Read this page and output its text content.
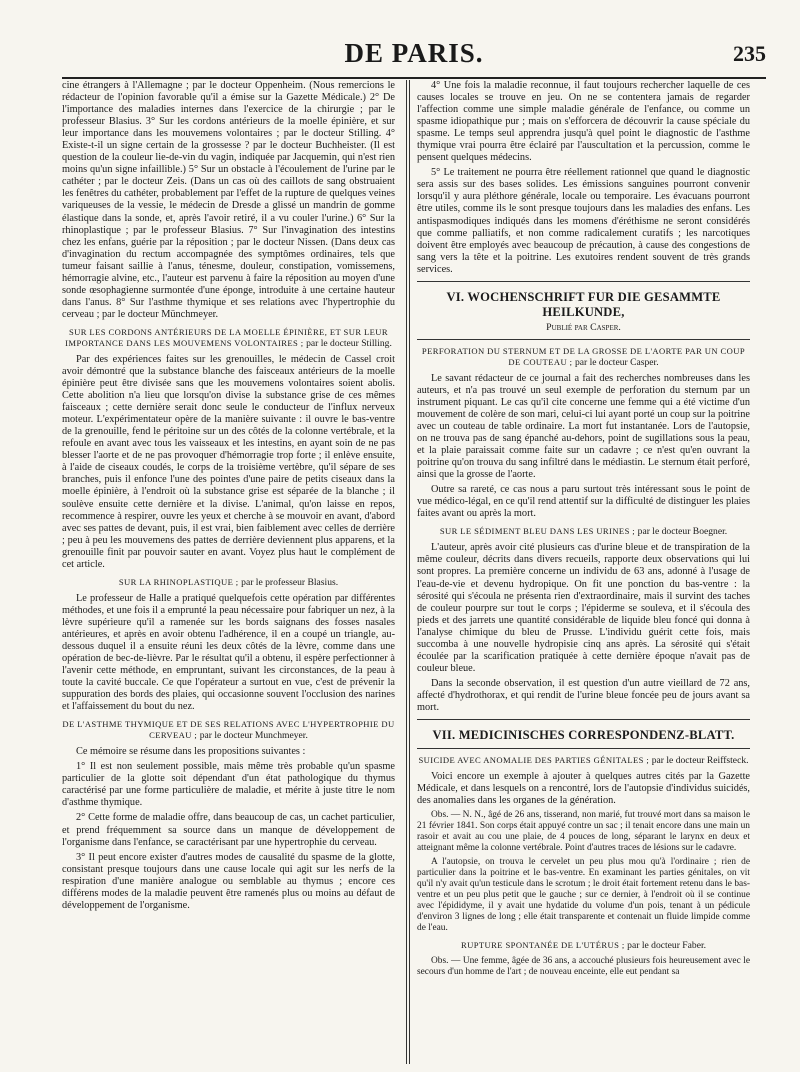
DE PARIS.	235

cine étrangers à l'Allemagne ; par le docteur Oppenheim. (Nous remercions le rédacteur de l'opinion favorable qu'il a émise sur la Gazette Médicale.) 2° De l'importance des maladies internes dans l'exercice de la chirurgie ; par le professeur Blasius. 3° Sur les cordons antérieurs de la moelle épinière, et sur leur importance dans les mouvemens volontaires ; par le docteur Stilling. 4° Existe-t-il un signe certain de la grossesse ? par le docteur Buchheister. (Il est question de la couleur lie-de-vin du vagin, indiquée par Jacquemin, qui n'est rien moins qu'un signe infaillible.) 5° Sur un obstacle à l'écoulement de l'urine par le cathéter ; par le docteur Zeis. (Dans un cas où des caillots de sang obstruaient les fenêtres du cathéter, probablement par l'effet de la rupture de quelques veines variqueuses de la vessie, le médecin de Dresde a glissé un mandrin de gomme élastique dans la sonde, et, après l'avoir retiré, il a vu couler l'urine.) 6° Sur la rhinoplastique ; par le professeur Blasius. 7° Sur l'invagination des intestins chez les enfans, guérie par la réposition ; par le docteur Nissen. (Dans deux cas d'invagination du rectum accompagnée des symptômes ordinaires, tels que tumeur faisant saillie à l'anus, ténesme, douleur, constipation, vomissemens, hémorragie alvine, etc., l'auteur est parvenu à faire la réposition au moyen d'une sonde œsophagienne surmontée d'une éponge, introduite à une certaine hauteur dans l'anus. 8° Sur l'asthme thymique et ses relations avec l'hypertrophie du cerveau ; par le docteur Münchmeyer.

SUR LES CORDONS ANTÉRIEURS DE LA MOELLE ÉPINIÈRE, ET SUR LEUR IMPORTANCE DANS LES MOUVEMENS VOLONTAIRES ; par le docteur Stilling.

Par des expériences faites sur les grenouilles, le médecin de Cassel croit avoir démontré que la substance blanche des faisceaux antérieurs de la moelle épinière peut être divisée sans que les mouvemens volontaires soient abolis. Cette abolition n'a lieu que lorsqu'on divise la substance grise de ces mêmes faisceaux ; cette dernière serait donc seule le conducteur de l'influx nerveux moteur. L'expérimentateur opère de la manière suivante : il ouvre le bas-ventre de la grenouille, fend le péritoine sur un des côtés de la colonne vertébrale, et la refoule en avant avec tous les vaisseaux et les intestins, en ayant soin de ne pas blesser l'aorte et de ne pas provoquer d'hémorragie trop forte ; il enlève ensuite, à l'aide de ciseaux coudés, le corps de la troisième vertèbre, qu'il sépare de ses branches, puis il enfonce l'une des pointes d'une paire de petits ciseaux dans la moelle épinière, à l'endroit où la substance grise est séparée de la blanche ; il soulève ensuite cette dernière et la divise. L'animal, qu'on laisse en repos, recommence à respirer, ouvre les yeux et cherche à se mouvoir en avant, d'abord avec ses pattes de devant, puis, il est vrai, bien faiblement avec celles de derrière ; peu à peu les mouvemens des pattes de derrière deviennent plus apparens, et la grenouille finit par pouvoir sauter en avant. Voyez plus haut le complément de cet article.

SUR LA RHINOPLASTIQUE ; par le professeur Blasius.

Le professeur de Halle a pratiqué quelquefois cette opération par différentes méthodes, et une fois il a emprunté la peau nécessaire pour fabriquer un nez, à la lèvre supérieure qu'il a ramenée sur les bords saignans des fosses nasales antérieures, et après en avoir obtenu l'adhérence, il en a coupé un triangle, au-dessous duquel il a ensuite réuni les deux côtés de la lèvre, comme dans une opération de bec-de-lièvre. Par le résultat qu'il a obtenu, il espère perfectionner à l'avenir cette méthode, en empruntant, suivant les circonstances, de la peau à toute la cavité buccale. Ce que l'opérateur a surtout en vue, c'est de prévenir la suppuration des bords des plaies, qui occasionne souvent l'occlusion des narines et l'affaissement du bout du nez.

DE L'ASTHME THYMIQUE ET DE SES RELATIONS AVEC L'HYPERTROPHIE DU CERVEAU ; par le docteur Munchmeyer.

Ce mémoire se résume dans les propositions suivantes :

1° Il est non seulement possible, mais même très probable qu'un spasme particulier de la glotte soit dépendant d'un état pathologique du thymus caractérisé par une forme particulière de maladie, et mérite à juste titre le nom d'asthme thymique.

2° Cette forme de maladie offre, dans beaucoup de cas, un cachet particulier, et prend fréquemment sa source dans un manque de développement de l'organisme dans l'enfance, se caractérisant par une hypertrophie du cerveau.

3° Il peut encore exister d'autres modes de causalité du spasme de la glotte, consistant presque toujours dans une cause locale qui agit sur les nerfs de la respiration d'une manière analogue ou semblable au thymus ; encore ces différens modes de la maladie peuvent être ramenés plus ou moins au défaut de développement de l'organisme.

4° Une fois la maladie reconnue, il faut toujours rechercher laquelle de ces causes locales se trouve en jeu. On ne se contentera jamais de regarder l'affection comme une simple maladie générale de l'enfance, ou comme un spasme idiopathique pur ; mais on s'efforcera de découvrir la cause spéciale du spasme. Le temps seul apprendra jusqu'à quel point le diagnostic de l'asthme thymique vrai pourra être éclairé par l'auscultation et la percussion, comme le pensent quelques médecins.

5° Le traitement ne pourra être réellement rationnel que quand le diagnostic sera assis sur des bases solides. Les émissions sanguines pourront convenir lorsqu'il y aura pléthore générale, locale ou temporaire. Les évacuans pourront être utiles, comme ils le sont presque toujours dans les maladies des enfans. Les antispasmodiques indiqués dans les momens d'éréthisme ne seront considérés que comme palliatifs, et non comme radicalement curatifs ; les narcotiques doivent être employés avec beaucoup de précaution, à cause des congestions de sang vers la tête et la poitrine. Les exutoires rendent souvent de très grands services.

VI. WOCHENSCHRIFT FUR DIE GESAMMTE HEILKUNDE,

Publié par Casper.

PERFORATION DU STERNUM ET DE LA GROSSE DE L'AORTE PAR UN COUP DE COUTEAU ; par le docteur Casper.

Le savant rédacteur de ce journal a fait des recherches nombreuses dans les auteurs, et n'a pas trouvé un seul exemple de perforation du sternum par un instrument piquant. Le cas qu'il cite concerne une femme qui a été victime d'un mouvement de colère de son mari, celui-ci lui ayant porté un coup sur la poitrine avec un couteau de table ordinaire. La mort fut instantanée. Lors de l'autopsie, on ne trouva pas de sang épanché au-dehors, point de sugillations sous la peau, et la plaie paraissait comme faite sur un cadavre ; ce n'est qu'en ouvrant la poitrine qu'on trouva du sang infiltré dans le médiastin. Le sternum était perforé, ainsi que la grosse de l'aorte.

Outre sa rareté, ce cas nous a paru surtout très intéressant sous le point de vue médico-légal, en ce qu'il rend attentif sur la difficulté de distinguer les plaies faites avant ou après la mort.

SUR LE SÉDIMENT BLEU DANS LES URINES ; par le docteur Boegner.

L'auteur, après avoir cité plusieurs cas d'urine bleue et de transpiration de la même couleur, décrits dans divers recueils, rapporte deux observations qui lui sont propres. La première concerne un individu de 63 ans, adonné à l'usage de l'eau-de-vie et devenu hydropique. On fit une ponction du bas-ventre : la sérosité qui s'écoula ne présenta rien d'extraordinaire, mais il survint des taches de couleur pourpre sur tout le corps ; l'épiderme se souleva, et il s'écoula des pieds et des jarrets une quantité considérable de liquide bleu foncé qui donna à l'analyse chimique du bleu de Prusse. L'individu guérit cette fois, mais succomba à une nouvelle hydropisie cinq ans après. La sérosité qui s'était écoulée par la scarification pratiquée à cette dernière époque n'avait pas de couleur bleue.

Dans la seconde observation, il est question d'un autre vieillard de 72 ans, affecté d'hydrothorax, et qui rendit de l'urine bleue foncée peu de jours avant sa mort.

VII. MEDICINISCHES CORRESPONDENZ-BLATT.

SUICIDE AVEC ANOMALIE DES PARTIES GÉNITALES ; par le docteur Reiffsteck.

Voici encore un exemple à ajouter à quelques autres cités par la Gazette Médicale, et dans lesquels on a rencontré, lors de l'autopsie d'individus suicidés, des anomalies dans les organes de la génération.

Obs. — N. N., âgé de 26 ans, tisserand, non marié, fut trouvé mort dans sa maison le 21 février 1841. Son corps était appuyé contre un sac ; il tenait encore dans une main un rasoir et avait au cou une plaie, de 4 pouces de long, séparant le larynx en deux et atteignant même la colonne vertébrale. Point d'autres traces de lésions sur le cadavre.

A l'autopsie, on trouva le cervelet un peu plus mou qu'à l'ordinaire ; rien de particulier dans la poitrine et le bas-ventre. En examinant les parties génitales, on vit qu'il n'y avait qu'un testicule dans le scrotum ; le droit était fortement retenu dans le bas-ventre et un peu plus petit que le gauche ; sur ce dernier, à l'endroit où il se continue avec l'épididyme, il y avait une hydatide du volume d'un pois, tenant à un pédicule d'environ 3 lignes de long ; elle était transparente et contenait un fluide limpide comme de l'eau.

RUPTURE SPONTANÉE DE L'UTÉRUS ; par le docteur Faber.

Obs. — Une femme, âgée de 36 ans, a accouché plusieurs fois heureusement avec le secours d'un homme de l'art ; de nouveau enceinte, elle eut pendant sa
